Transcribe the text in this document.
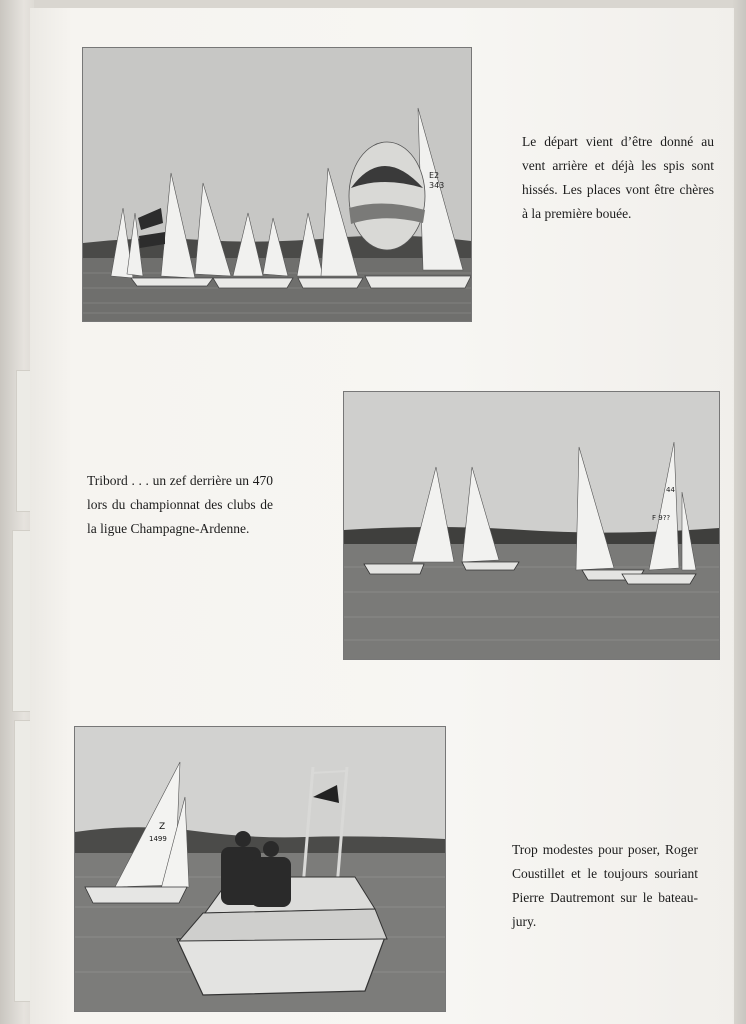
E2
343
Le départ vient d’être donné au vent arrière et déjà les spis sont hissés. Les places vont être chères à la première bouée.
F 9??
44
Tribord . . . un zef derrière un 470 lors du championnat des clubs de la ligue Champagne-Ardenne.
Z
1499
Trop modestes pour poser, Roger Coustillet et le toujours souriant Pierre Dautremont sur le bateau-jury.
